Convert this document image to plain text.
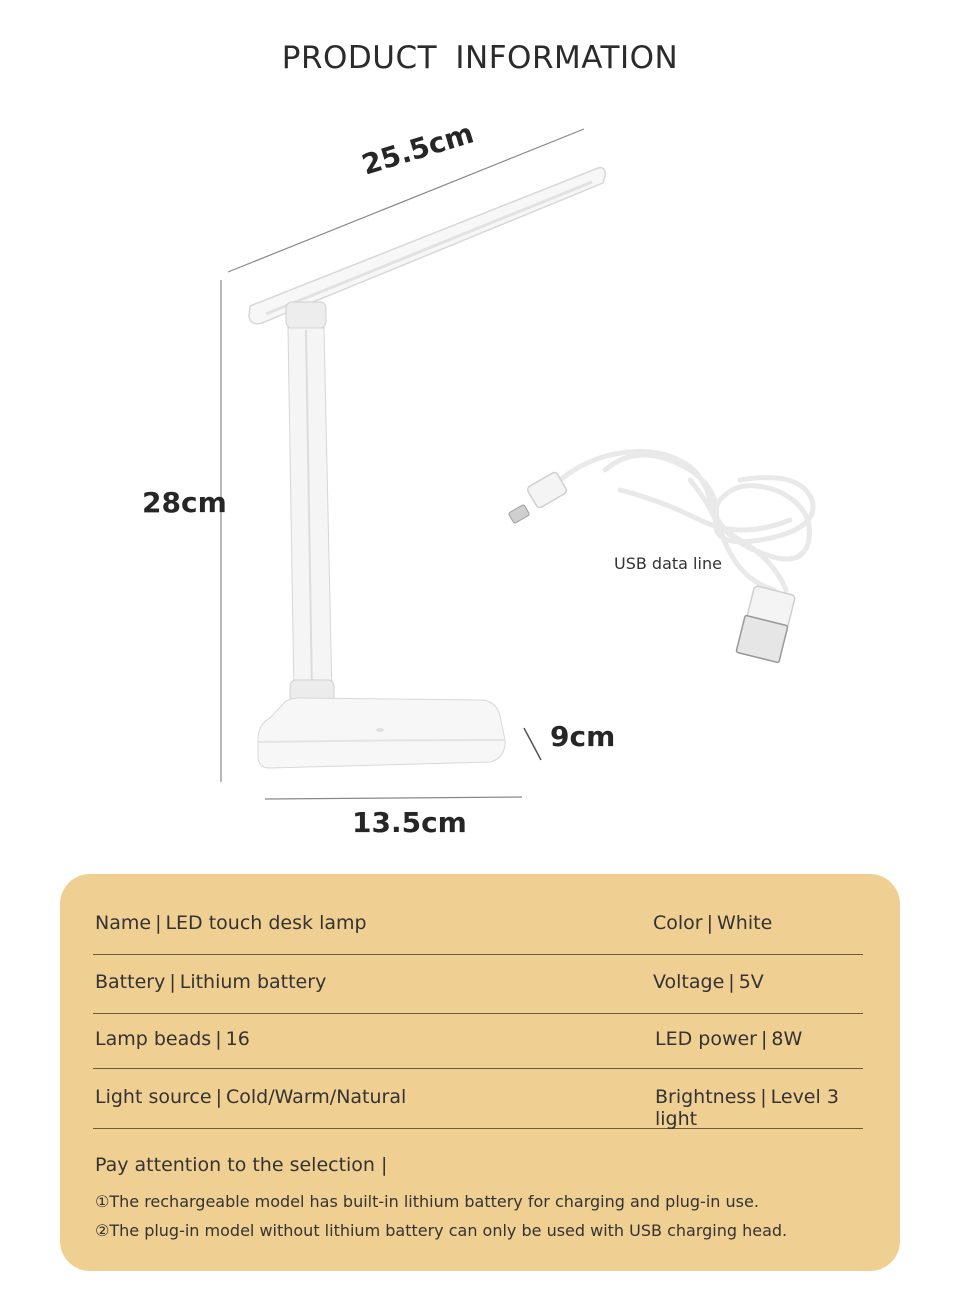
PRODUCT INFORMATION
25.5cm
28cm
9cm
13.5cm
USB data line
Name | LED touch desk lamp	Color | White
Battery | Lithium battery	Voltage | 5V
Lamp beads | 16	LED power | 8W
Light source | Cold/Warm/Natural	Brightness | Level 3 light
Pay attention to the selection |
①The rechargeable model has built-in lithium battery for charging and plug-in use.
②The plug-in model without lithium battery can only be used with USB charging head.
